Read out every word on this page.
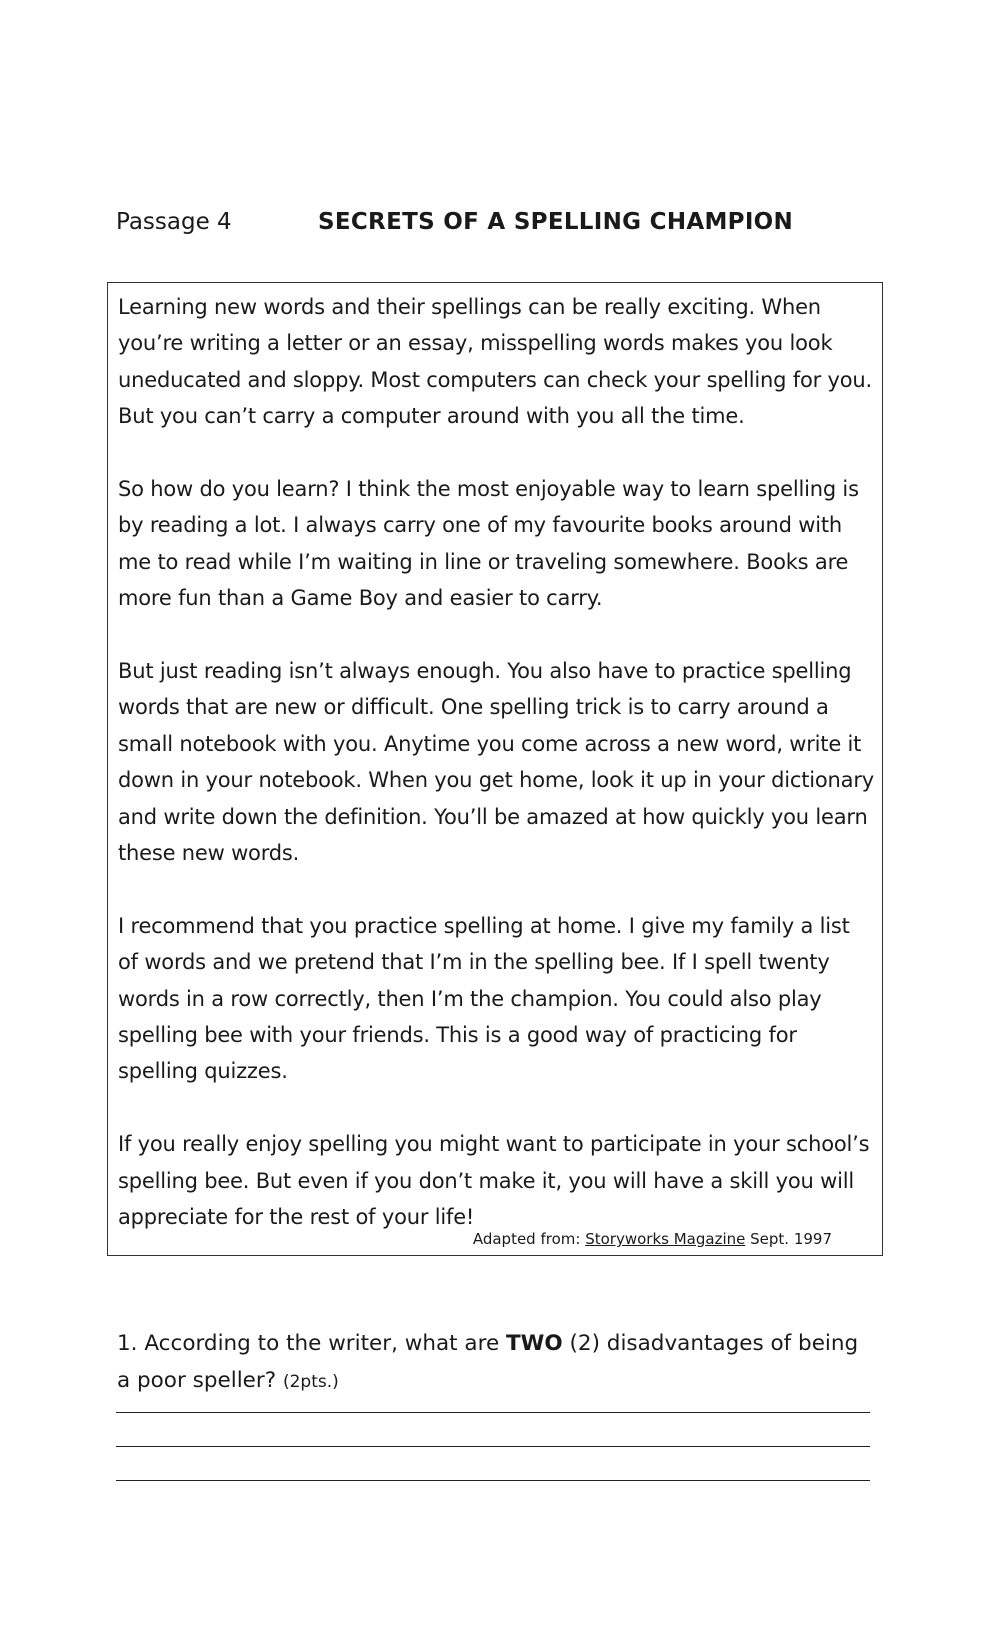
Passage 4	SECRETS OF A SPELLING CHAMPION

Learning new words and their spellings can be really exciting. When you’re writing a letter or an essay, misspelling words makes you look uneducated and sloppy. Most computers can check your spelling for you. But you can’t carry a computer around with you all the time.

So how do you learn? I think the most enjoyable way to learn spelling is by reading a lot. I always carry one of my favourite books around with me to read while I’m waiting in line or traveling somewhere. Books are more fun than a Game Boy and easier to carry.

But just reading isn’t always enough. You also have to practice spelling words that are new or difficult. One spelling trick is to carry around a small notebook with you. Anytime you come across a new word, write it down in your notebook. When you get home, look it up in your dictionary and write down the definition. You’ll be amazed at how quickly you learn these new words.

I recommend that you practice spelling at home. I give my family a list of words and we pretend that I’m in the spelling bee. If I spell twenty words in a row correctly, then I’m the champion. You could also play spelling bee with your friends. This is a good way of practicing for spelling quizzes.

If you really enjoy spelling you might want to participate in your school’s spelling bee. But even if you don’t make it, you will have a skill you will appreciate for the rest of your life!

Adapted from: Storyworks Magazine Sept. 1997
1. According to the writer, what are TWO (2) disadvantages of being a poor speller? (2pts.)
